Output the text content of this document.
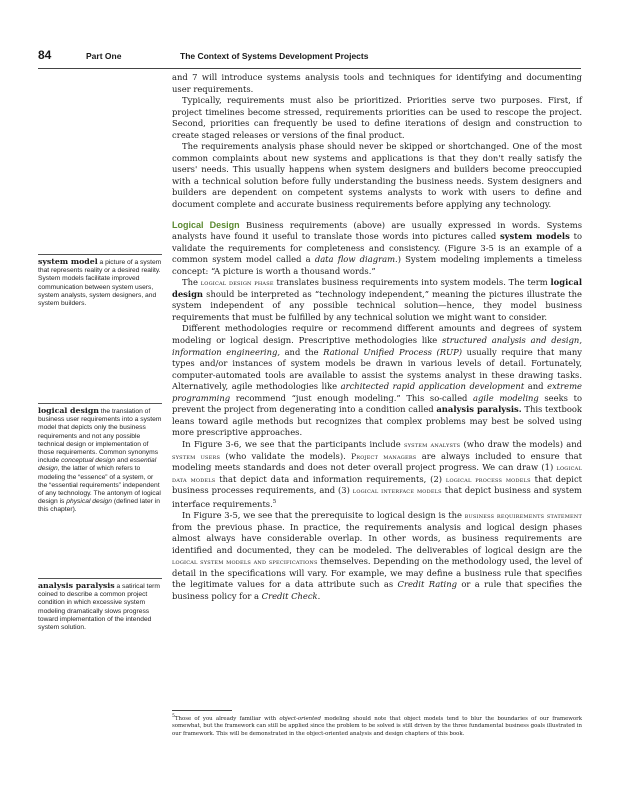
84	Part One	The Context of Systems Development Projects

and 7 will introduce systems analysis tools and techniques for identifying and documenting user requirements.

Typically, requirements must also be prioritized. Priorities serve two purposes. First, if project timelines become stressed, requirements priorities can be used to rescope the project. Second, priorities can frequently be used to define iterations of design and construction to create staged releases or versions of the final product.

The requirements analysis phase should never be skipped or shortchanged. One of the most common complaints about new systems and applications is that they don't really satisfy the users' needs. This usually happens when system designers and builders become preoccupied with a technical solution before fully understanding the business needs. System designers and builders are dependent on competent systems analysts to work with users to define and document complete and accurate business requirements before applying any technology.

Logical Design Business requirements (above) are usually expressed in words. Systems analysts have found it useful to translate those words into pictures called system models to validate the requirements for completeness and consistency. (Figure 3-5 is an example of a common system model called a data flow diagram.) System modeling implements a timeless concept: “A picture is worth a thousand words.”

The logical design phase translates business requirements into system models. The term logical design should be interpreted as “technology independent,” meaning the pictures illustrate the system independent of any possible technical solution—hence, they model business requirements that must be fulfilled by any technical solution we might want to consider.

Different methodologies require or recommend different amounts and degrees of system modeling or logical design. Prescriptive methodologies like structured analysis and design, information engineering, and the Rational Unified Process (RUP) usually require that many types and/or instances of system models be drawn in various levels of detail. Fortunately, computer-automated tools are available to assist the systems analyst in these drawing tasks. Alternatively, agile methodologies like architected rapid application development and extreme programming recommend “just enough modeling.” This so-called agile modeling seeks to prevent the project from degenerating into a condition called analysis paralysis. This textbook leans toward agile methods but recognizes that complex problems may best be solved using more prescriptive approaches.

In Figure 3-6, we see that the participants include system analysts (who draw the models) and system users (who validate the models). Project managers are always included to ensure that modeling meets standards and does not deter overall project progress. We can draw (1) logical data models that depict data and information requirements, (2) logical process models that depict business processes requirements, and (3) logical interface models that depict business and system interface requirements.$^5$

In Figure 3-5, we see that the prerequisite to logical design is the business requirements statement from the previous phase. In practice, the requirements analysis and logical design phases almost always have considerable overlap. In other words, as business requirements are identified and documented, they can be modeled. The deliverables of logical design are the logical system models and specifications themselves. Depending on the methodology used, the level of detail in the specifications will vary. For example, we may define a business rule that specifies the legitimate values for a data attribute such as Credit Rating or a rule that specifies the business policy for a Credit Check.

system model a picture of a system that represents reality or a desired reality. System models facilitate improved communication between system users, system analysts, system designers, and system builders.
logical design the translation of business user requirements into a system model that depicts only the business requirements and not any possible technical design or implementation of those requirements. Common synonyms include conceptual design and essential design, the latter of which refers to modeling the “essence” of a system, or the “essential requirements” independent of any technology. The antonym of logical design is physical design (defined later in this chapter).
analysis paralysis a satirical term coined to describe a common project condition in which excessive system modeling dramatically slows progress toward implementation of the intended system solution.
$^5$Those of you already familiar with object-oriented modeling should note that object models tend to blur the boundaries of our framework somewhat, but the framework can still be applied since the problem to be solved is still driven by the three fundamental business goals illustrated in our framework. This will be demonstrated in the object-oriented analysis and design chapters of this book.
